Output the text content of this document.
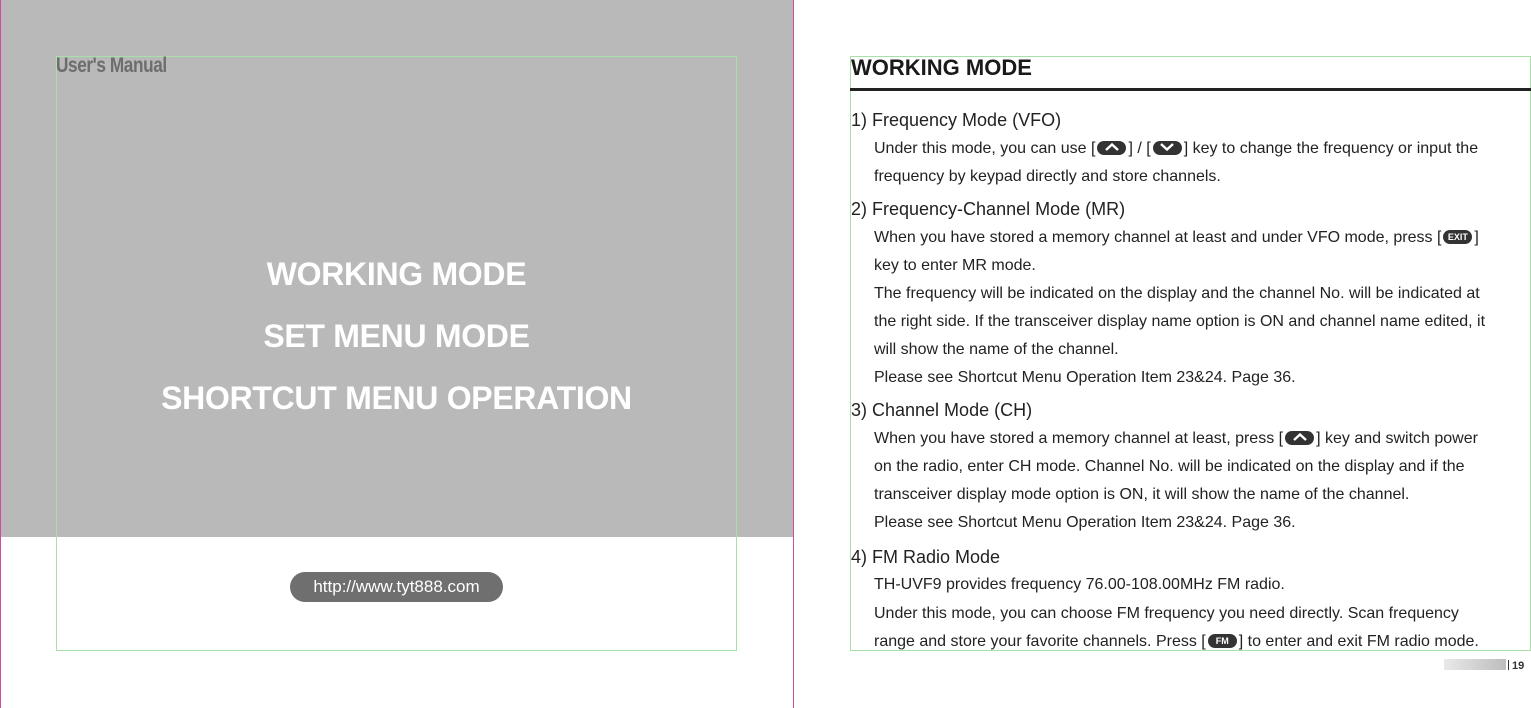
User's Manual
WORKING MODE
SET MENU MODE
SHORTCUT MENU OPERATION
http://www.tyt888.com
WORKING MODE
1) Frequency Mode (VFO)
Under this mode, you can use [ ] / [ ] key to change the frequency or input the
frequency by keypad directly and store channels.
2) Frequency-Channel Mode (MR)
When you have stored a memory channel at least and under VFO mode, press [ EXIT ]
key to enter MR mode.
The frequency will be indicated on the display and the channel No. will be indicated at
the right side. If the transceiver display name option is ON and channel name edited, it
will show the name of the channel.
Please see Shortcut Menu Operation Item 23&24. Page 36.
3) Channel Mode (CH)
When you have stored a memory channel at least, press [ ] key and switch power
on the radio, enter CH mode. Channel No. will be indicated on the display and if the
transceiver display mode option is ON, it will show the name of the channel.
Please see Shortcut Menu Operation Item 23&24. Page 36.
4) FM Radio Mode
TH-UVF9 provides frequency 76.00-108.00MHz FM radio.
Under this mode, you can choose FM frequency you need directly. Scan frequency
range and store your favorite channels. Press [ FM ] to enter and exit FM radio mode.
19
